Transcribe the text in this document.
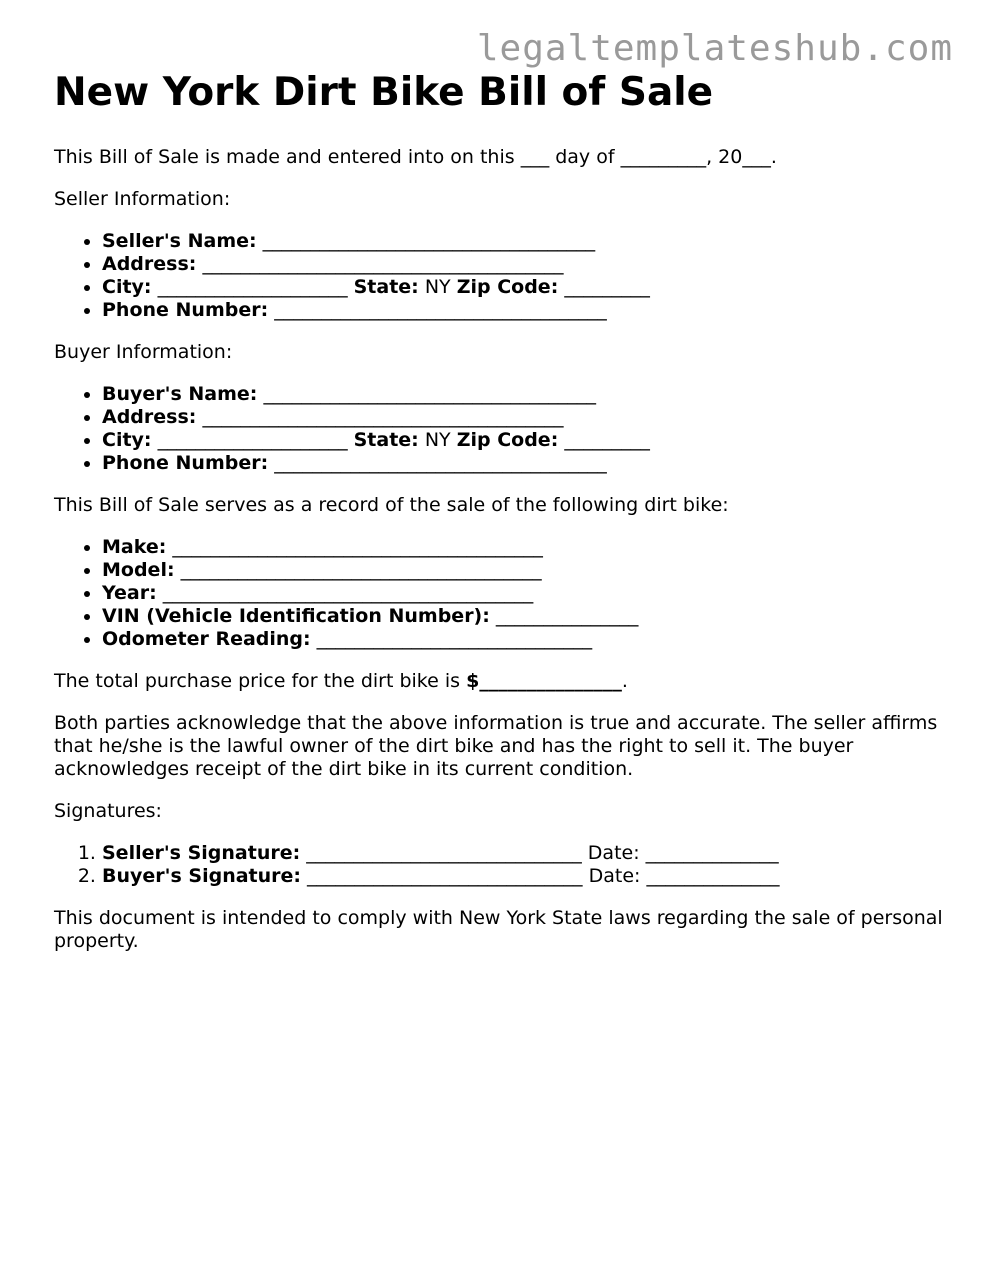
legaltemplateshub.com
New York Dirt Bike Bill of Sale

This Bill of Sale is made and entered into on this ___ day of _________, 20___.

Seller Information:

• Seller's Name: ___________________________________
• Address: ______________________________________
• City: ____________________ State: NY Zip Code: _________
• Phone Number: ___________________________________

Buyer Information:

• Buyer's Name: ___________________________________
• Address: ______________________________________
• City: ____________________ State: NY Zip Code: _________
• Phone Number: ___________________________________

This Bill of Sale serves as a record of the sale of the following dirt bike:

• Make: _______________________________________
• Model: ______________________________________
• Year: _______________________________________
• VIN (Vehicle Identification Number): _______________
• Odometer Reading: _____________________________

The total purchase price for the dirt bike is $_______________.

Both parties acknowledge that the above information is true and accurate. The seller affirms that he/she is the lawful owner of the dirt bike and has the right to sell it. The buyer acknowledges receipt of the dirt bike in its current condition.

Signatures:

1. Seller's Signature: _____________________________ Date: ______________
2. Buyer's Signature: _____________________________ Date: ______________

This document is intended to comply with New York State laws regarding the sale of personal property.
